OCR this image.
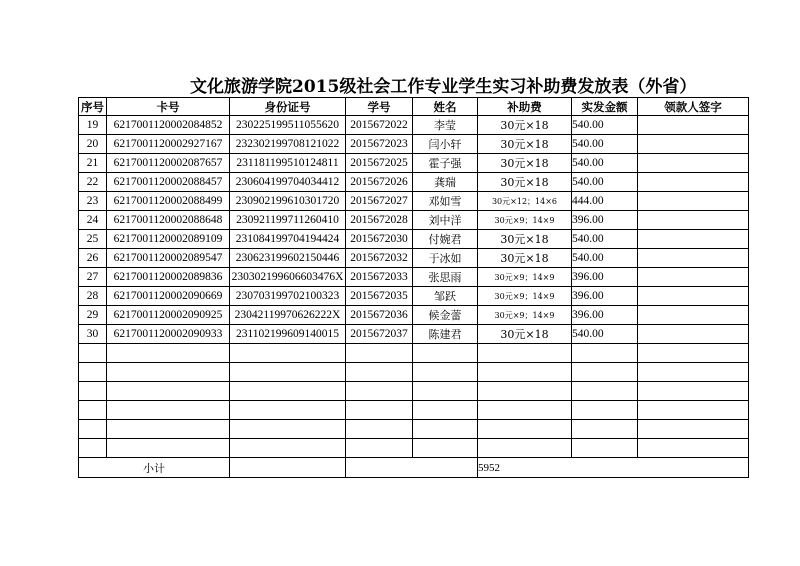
文化旅游学院2015级社会工作专业学生实习补助费发放表（外省）
序号	卡号	身份证号	学号	姓名	补助费	实发金额	领款人签字
19	6217001120002084852	230225199511055620	2015672022	李莹	30元×18	540.00	
20	6217001120002927167	232302199708121022	2015672023	闫小轩	30元×18	540.00	
21	6217001120002087657	231181199510124811	2015672025	霍子强	30元×18	540.00	
22	6217001120002088457	230604199704034412	2015672026	龚瑞	30元×18	540.00	
23	6217001120002088499	230902199610301720	2015672027	邓如雪	30元×12；14×6	444.00	
24	6217001120002088648	230921199711260410	2015672028	刘中洋	30元×9；14×9	396.00	
25	6217001120002089109	231084199704194424	2015672030	付婉君	30元×18	540.00	
26	6217001120002089547	230623199602150446	2015672032	于冰如	30元×18	540.00	
27	6217001120002089836	230302199606603476X	2015672033	张思雨	30元×9；14×9	396.00	
28	6217001120002090669	230703199702100323	2015672035	邹跃	30元×9；14×9	396.00	
29	6217001120002090925	2304211997062622​2X	2015672036	候金蕾	30元×9；14×9	396.00	
30	6217001120002090933	231102199609140015	2015672037	陈建君	30元×18	540.00	

小计					5952		
